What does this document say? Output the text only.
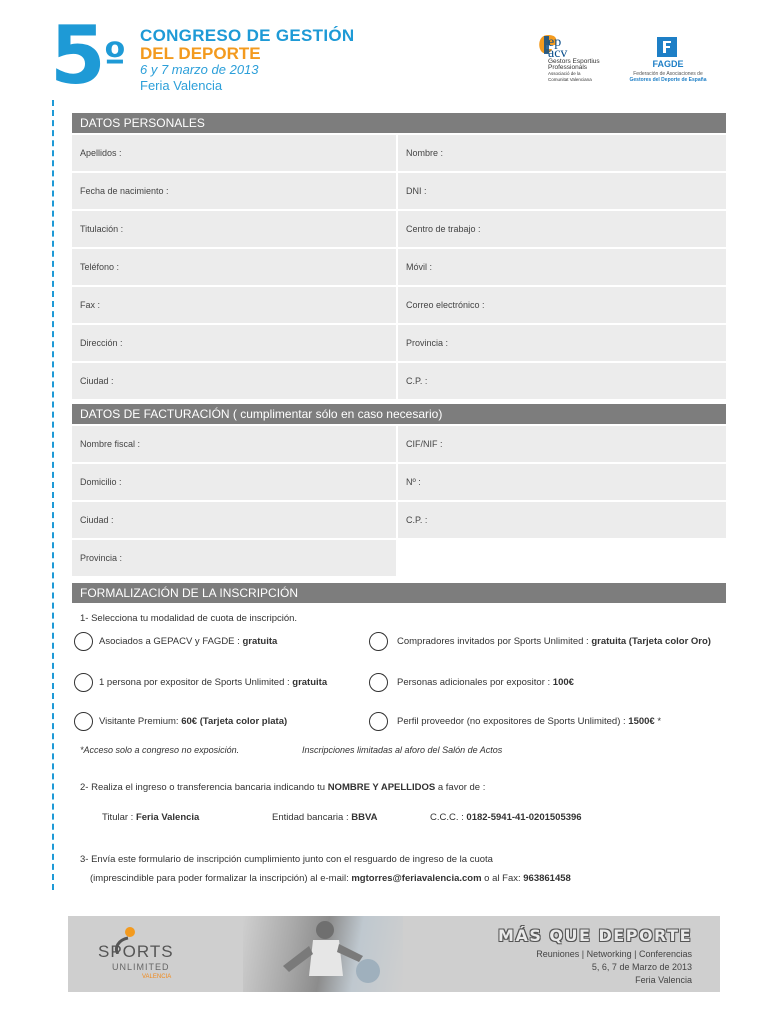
$5^º$ CONGRESO DE GESTIÓN
DEL DEPORTE
6 y 7 marzo de 2013
Feria Valencia
ep
acv
Gestors Esportius
Professionals
Associació de la
Comunitat Valenciana
FAGDE
Federación de Asociaciones de
Gestores del Deporte de España
DATOS PERSONALES
Apellidos :	Nombre :
Fecha de nacimiento :	DNI :
Titulación :	Centro de trabajo :
Teléfono :	Móvil :
Fax :	Correo electrónico :
Dirección :	Provincia :
Ciudad :	C.P. :
DATOS DE FACTURACIÓN ( cumplimentar sólo en caso necesario)
Nombre fiscal :	CIF/NIF :
Domicilio :	Nº :
Ciudad :	C.P. :
Provincia :
FORMALIZACIÓN DE LA INSCRIPCIÓN
1- Selecciona tu modalidad de cuota de inscripción.
Asociados a GEPACV y FAGDE : gratuita	Compradores invitados por Sports Unlimited : gratuita (Tarjeta color Oro)
1 persona por expositor de Sports Unlimited : gratuita	Personas adicionales por expositor : 100€
Visitante Premium: 60€ (Tarjeta color plata)	Perfil proveedor (no expositores de Sports Unlimited) : 1500€ *
*Acceso solo a congreso no exposición.	Inscripciones limitadas al aforo del Salón de Actos
2- Realiza el ingreso o transferencia bancaria indicando tu NOMBRE Y APELLIDOS a favor de :
Titular : Feria Valencia	Entidad bancaria : BBVA	C.C.C. : 0182-5941-41-0201505396
3- Envía este formulario de inscripción cumplimiento junto con el resguardo de ingreso de la cuota
(imprescindible para poder formalizar la inscripción) al e-mail: mgtorres@feriavalencia.com o al Fax: 963861458
SPORTS
UNLIMITED
VALENCIA
MÁS QUE DEPORTE
Reuniones | Networking | Conferencias
5, 6, 7 de Marzo de 2013
Feria Valencia
